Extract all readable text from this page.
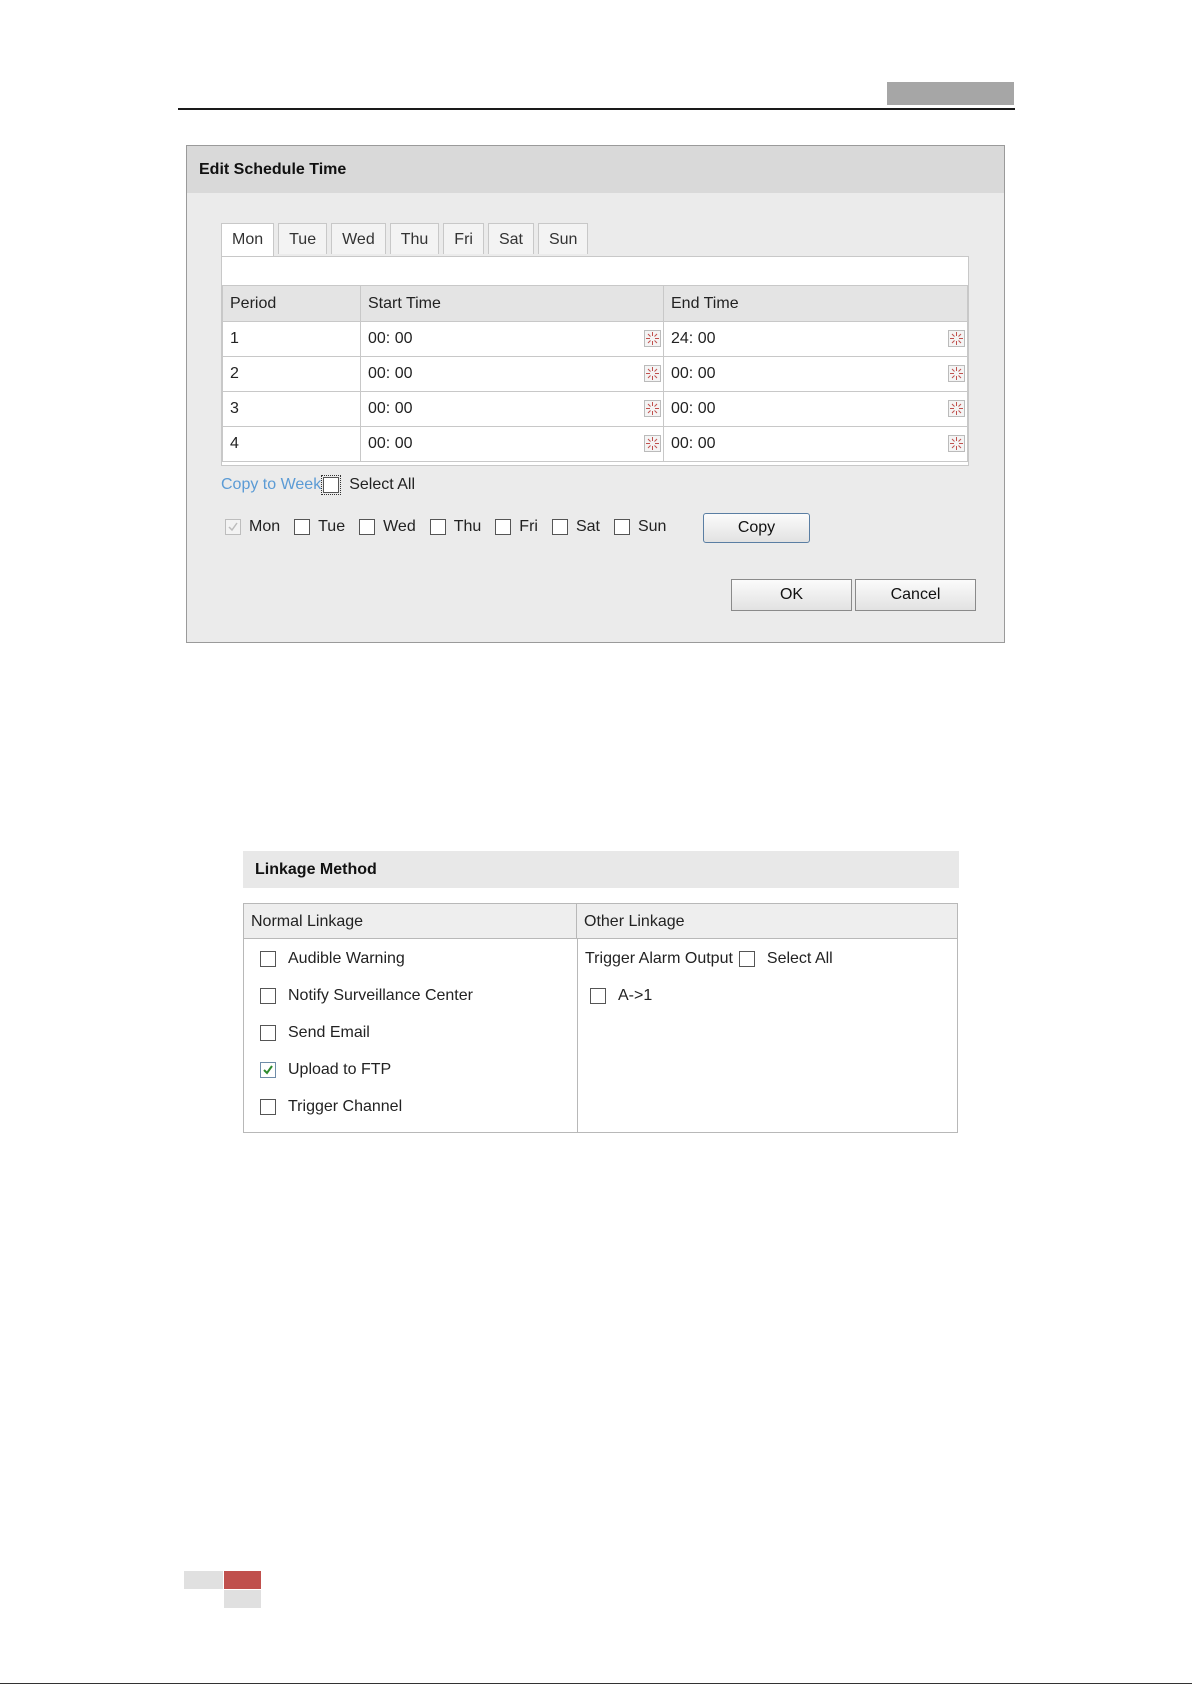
Edit Schedule Time
Mon	Tue	Wed	Thu	Fri	Sat	Sun
Period	Start Time	End Time
1	00: 00	24: 00

2	00: 00	00: 00

3	00: 00	00: 00

4	00: 00	00: 00
Copy to Week Select All
Mon Tue Wed Thu Fri Sat Sun	Copy
OK	Cancel
Linkage Method
Normal Linkage	Other Linkage
Audible Warning
Notify Surveillance Center
Send Email
Upload to FTP
Trigger Channel
Trigger Alarm Output Select All
A->1
